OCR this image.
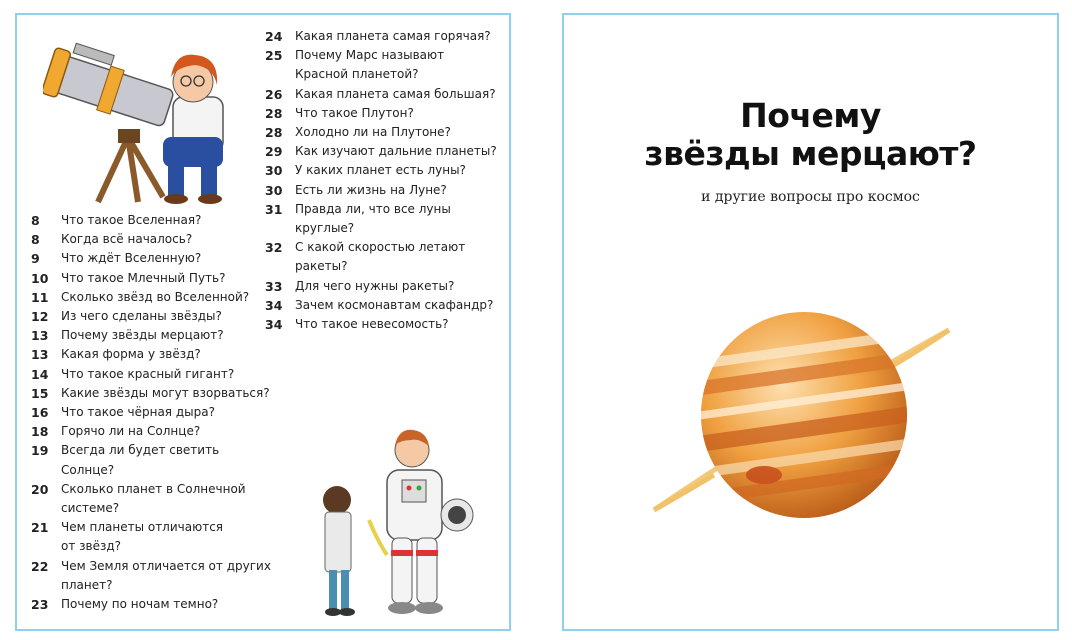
8	Что такое Вселенная?
8	Когда всё началось?
9	Что ждёт Вселенную?
10	Что такое Млечный Путь?
11	Сколько звёзд во Вселенной?
12	Из чего сделаны звёзды?
13	Почему звёзды мерцают?
13	Какая форма у звёзд?
14	Что такое красный гигант?
15	Какие звёзды могут взорваться?
16	Что такое чёрная дыра?
18	Горячо ли на Солнце?
19	Всегда ли будет светить
Солнце?
20	Сколько планет в Солнечной
системе?
21	Чем планеты отличаются
от звёзд?
22	Чем Земля отличается от других
планет?
23	Почему по ночам темно?
24	Какая планета самая горячая?
25	Почему Марс называют
Красной планетой?
26	Какая планета самая большая?
28	Что такое Плутон?
28	Холодно ли на Плутоне?
29	Как изучают дальние планеты?
30	У каких планет есть луны?
30	Есть ли жизнь на Луне?
31	Правда ли, что все луны
круглые?
32	С какой скоростью летают
ракеты?
33	Для чего нужны ракеты?
34	Зачем космонавтам скафандр?
34	Что такое невесомость?
Почему
звёзды мерцают?
и другие вопросы про космос
